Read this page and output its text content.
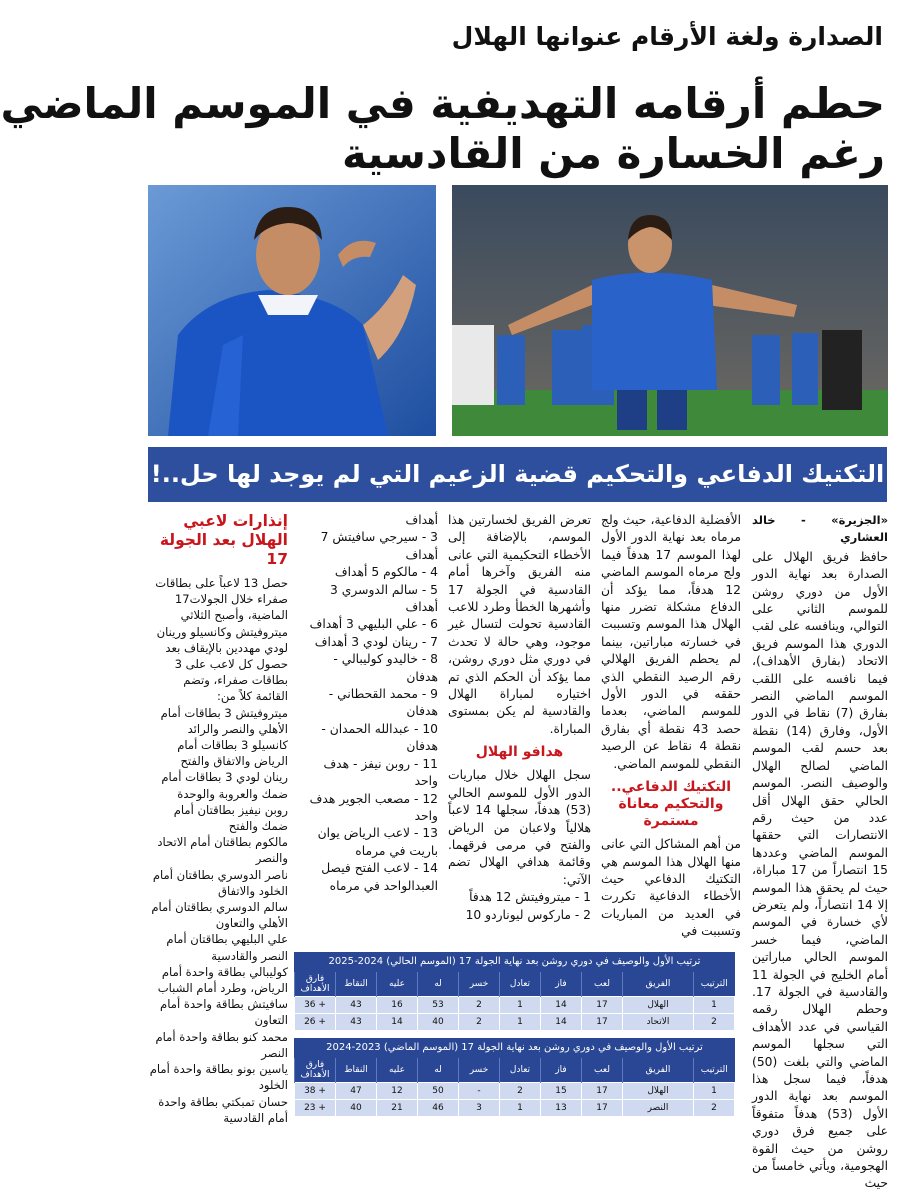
الصدارة ولغة الأرقام عنوانها الهلال
حطم أرقامه التهديفية في الموسم الماضي
رغم الخسارة من القادسية
التكتيك الدفاعي والتحكيم قضية الزعيم التي لم يوجد لها حل..!

«الجزيرة» - خالد العشاري

حافظ فريق الهلال على الصدارة بعد نهاية الدور الأول من دوري روشن للموسم الثاني على التوالي، وينافسه على لقب الدوري هذا الموسم فريق الاتحاد (بفارق الأهداف)، فيما نافسه على اللقب الموسم الماضي النصر بفارق (7) نقاط في الدور الأول، وفارق (14) نقطة بعد حسم لقب الموسم الماضي لصالح الهلال والوصيف النصر. الموسم الحالي حقق الهلال أقل عدد من حيث رقم الانتصارات التي حققها الموسم الماضي وعددها 15 انتصاراً من 17 مباراة، حيث لم يحقق هذا الموسم إلا 14 انتصاراً، ولم يتعرض لأي خسارة في الموسم الماضي، فيما خسر الموسم الحالي مباراتين أمام الخليج في الجولة 11 والقادسية في الجولة 17. وحطم الهلال رقمه القياسي في عدد الأهداف التي سجلها الموسم الماضي والتي بلغت (50) هدفاً، فيما سجل هذا الموسم بعد نهاية الدور الأول (53) هدفاً متفوقاً على جميع فرق دوري روشن من حيث القوة الهجومية، ويأتي خامساً من حيث

الأفضلية الدفاعية، حيث ولج مرماه بعد نهاية الدور الأول لهذا الموسم 17 هدفاً فيما ولج مرماه الموسم الماضي 12 هدفاً، مما يؤكد أن الدفاع مشكلة تضرر منها الهلال هذا الموسم وتسببت في خسارته مباراتين، بينما لم يحطم الفريق الهلالي رقم الرصيد النقطي الذي حققه في الدور الأول للموسم الماضي، بعدما حصد 43 نقطة أي بفارق نقطة 4 نقاط عن الرصيد النقطي للموسم الماضي.

التكتيك الدفاعي.. والتحكيم معاناة مستمرة

من أهم المشاكل التي عانى منها الهلال هذا الموسم هي التكتيك الدفاعي حيث الأخطاء الدفاعية تكررت في العديد من المباريات وتسببت في

تعرض الفريق لخسارتين هذا الموسم، بالإضافة إلى الأخطاء التحكيمية التي عانى منه الفريق وآخرها أمام القادسية في الجولة 17 وأشهرها الخطأ وطرد للاعب القادسية تحولت لتسال غير موجود، وهي حالة لا تحدث في دوري مثل دوري روشن، مما يؤكد أن الحكم الذي تم اختياره لمباراة الهلال والقادسية لم يكن بمستوى المباراة.

هدافو الهلال

سجل الهلال خلال مباريات الدور الأول للموسم الحالي (53) هدفاً، سجلها 14 لاعباً هلالياً ولاعبان من الرياض والفتح في مرمى فرقهما. وقائمة هدافي الهلال تضم الآتي:

1 - ميتروفيتش 12 هدفاً

2 - ماركوس ليوناردو 10

أهداف

3 - سيرجي سافيتش 7 أهداف

4 - مالكوم 5 أهداف

5 - سالم الدوسري 3 أهداف

6 - علي البليهي 3 أهداف

7 - رينان لودي 3 أهداف

8 - خاليدو كوليبالي - هدفان

9 - محمد القحطاني - هدفان

10 - عبدالله الحمدان - هدفان

11 - روبن نيفز - هدف واحد

12 - مصعب الجوير هدف واحد

13 - لاعب الرياض يوان باريت في مرماه

14 - لاعب الفتح فيصل العبدالواحد في مرماه

إنذارات لاعبي الهلال بعد الجولة 17

حصل 13 لاعباً على بطاقات صفراء خلال الجولات17 الماضية، وأصبح الثلاثي ميتروفيتش وكانسيلو ورينان لودي مهددين بالإيقاف بعد حصول كل لاعب على 3 بطاقات صفراء، وتضم القائمة كلاً من:

ميتروفيتش 3 بطاقات أمام الأهلي والنصر والرائد

كانسيلو 3 بطاقات أمام الرياض والاتفاق والفتح

رينان لودي 3 بطاقات أمام ضمك والعروبة والوحدة

روبن نيفيز بطاقتان أمام ضمك والفتح

مالكوم بطاقتان أمام الاتحاد والنصر

ناصر الدوسري بطاقتان أمام الخلود والاتفاق

سالم الدوسري بطاقتان أمام الأهلي والتعاون

علي البليهي بطاقتان أمام النصر والقادسية

كوليبالي بطاقة واحدة أمام الرياض، وطرد أمام الشباب

سافيتش بطاقة واحدة أمام التعاون

محمد كنو بطاقة واحدة أمام النصر

ياسين بونو بطاقة واحدة أمام الخلود

حسان تمبكتي بطاقة واحدة أمام القادسية

ترتيب الأول والوصيف في دوري روشن بعد نهاية الجولة 17 (الموسم الحالي) 2024-2025
الترتيب	الفريق	لعب	فاز	تعادل	خسر	له	عليه	النقاط	فارق الأهداف
1	الهلال	17	14	1	2	53	16	43	+ 36
2	الاتحاد	17	14	1	2	40	14	43	+ 26
ترتيب الأول والوصيف في دوري روشن بعد نهاية الجولة 17 (الموسم الماضي) 2023-2024
الترتيب	الفريق	لعب	فاز	تعادل	خسر	له	عليه	النقاط	فارق الأهداف
1	الهلال	17	15	2	-	50	12	47	+ 38
2	النصر	17	13	1	3	46	21	40	+ 23
